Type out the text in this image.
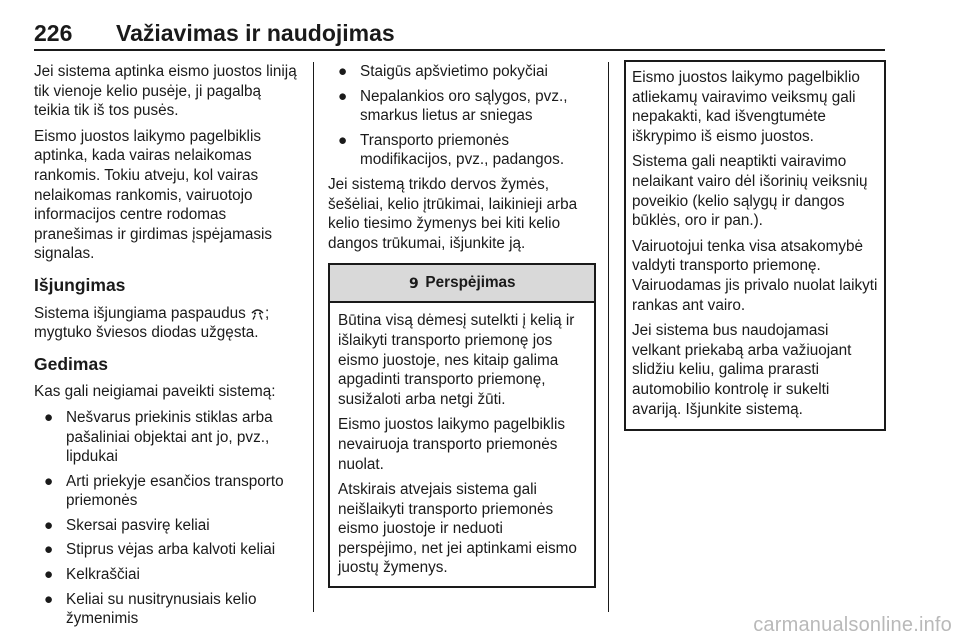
226 Važiavimas ir naudojimas

Jei sistema aptinka eismo juostos liniją tik vienoje kelio pusėje, ji pagalbą teikia tik iš tos pusės.

Eismo juostos laikymo pagelbiklis aptinka, kada vairas nelaikomas rankomis. Tokiu atveju, kol vairas nelaikomas rankomis, vairuotojo informacijos centre rodomas pranešimas ir girdimas įspėjamasis signalas.

Išjungimas

Sistema išjungiama paspaudus ; mygtuko šviesos diodas užgęsta.

Gedimas

Kas gali neigiamai paveikti sistemą:

● Nešvarus priekinis stiklas arba pašaliniai objektai ant jo, pvz., lipdukai
● Arti priekyje esančios transporto priemonės
● Skersai pasvirę keliai
● Stiprus vėjas arba kalvoti keliai
● Kelkraščiai
● Keliai su nusitrynusiais kelio žymenimis
● Staigūs apšvietimo pokyčiai
● Nepalankios oro sąlygos, pvz., smarkus lietus ar sniegas
● Transporto priemonės modifikacijos, pvz., padangos.

Jei sistemą trikdo dervos žymės, šešėliai, kelio įtrūkimai, laikinieji arba kelio tiesimo žymenys bei kiti kelio dangos trūkumai, išjunkite ją.

9 Perspėjimas

Būtina visą dėmesį sutelkti į kelią ir išlaikyti transporto priemonę jos eismo juostoje, nes kitaip galima apgadinti transporto priemonę, susižaloti arba netgi žūti.

Eismo juostos laikymo pagelbiklis nevairuoja transporto priemonės nuolat.

Atskirais atvejais sistema gali neišlaikyti transporto priemonės eismo juostoje ir neduoti perspėjimo, net jei aptinkami eismo juostų žymenys.

Eismo juostos laikymo pagelbiklio atliekamų vairavimo veiksmų gali nepakakti, kad išvengtumėte iškrypimo iš eismo juostos.

Sistema gali neaptikti vairavimo nelaikant vairo dėl išorinių veiksnių poveikio (kelio sąlygų ir dangos būklės, oro ir pan.).

Vairuotojui tenka visa atsakomybė valdyti transporto priemonę. Vairuodamas jis privalo nuolat laikyti rankas ant vairo.

Jei sistema bus naudojamasi velkant priekabą arba važiuojant slidžiu keliu, galima prarasti automobilio kontrolę ir sukelti avariją. Išjunkite sistemą.

carmanualsonline.info
